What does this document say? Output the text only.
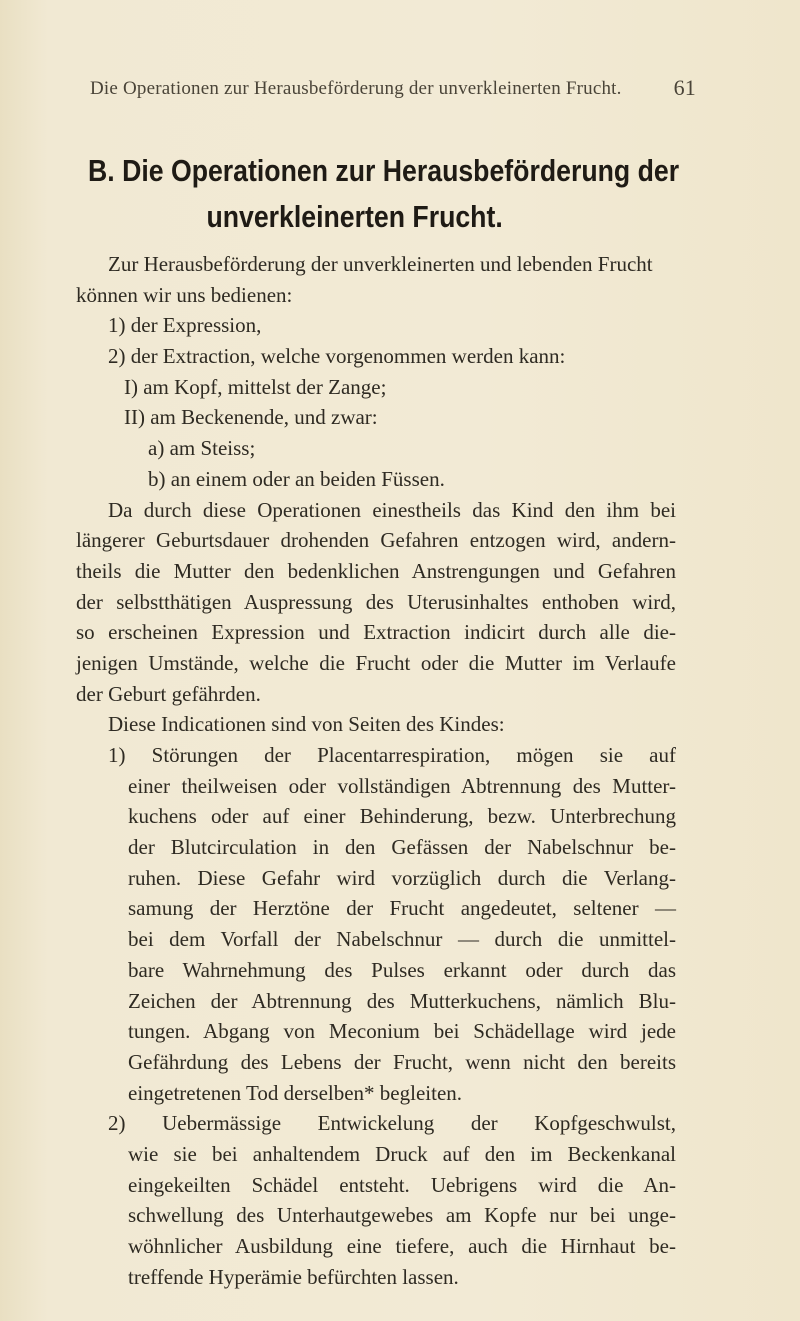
Die Operationen zur Herausbeförderung der unverkleinerten Frucht. 61
B. Die Operationen zur Herausbeförderung der
unverkleinerten Frucht.
Zur Herausbeförderung der unverkleinerten und lebenden Frucht
können wir uns bedienen:
1) der Expression,
2) der Extraction, welche vorgenommen werden kann:
I) am Kopf, mittelst der Zange;
II) am Beckenende, und zwar:
a) am Steiss;
b) an einem oder an beiden Füssen.
Da durch diese Operationen einestheils das Kind den ihm bei
längerer Geburtsdauer drohenden Gefahren entzogen wird, andern-
theils die Mutter den bedenklichen Anstrengungen und Gefahren
der selbstthätigen Auspressung des Uterusinhaltes enthoben wird,
so erscheinen Expression und Extraction indicirt durch alle die-
jenigen Umstände, welche die Frucht oder die Mutter im Verlaufe
der Geburt gefährden.
Diese Indicationen sind von Seiten des Kindes:
1) Störungen der Placentarrespiration, mögen sie auf
einer theilweisen oder vollständigen Abtrennung des Mutter-
kuchens oder auf einer Behinderung, bezw. Unterbrechung
der Blutcirculation in den Gefässen der Nabelschnur be-
ruhen. Diese Gefahr wird vorzüglich durch die Verlang-
samung der Herztöne der Frucht angedeutet, seltener —
bei dem Vorfall der Nabelschnur — durch die unmittel-
bare Wahrnehmung des Pulses erkannt oder durch das
Zeichen der Abtrennung des Mutterkuchens, nämlich Blu-
tungen. Abgang von Meconium bei Schädellage wird jede
Gefährdung des Lebens der Frucht, wenn nicht den bereits
eingetretenen Tod derselben* begleiten.
2) Uebermässige Entwickelung der Kopfgeschwulst,
wie sie bei anhaltendem Druck auf den im Beckenkanal
eingekeilten Schädel entsteht. Uebrigens wird die An-
schwellung des Unterhautgewebes am Kopfe nur bei unge-
wöhnlicher Ausbildung eine tiefere, auch die Hirnhaut be-
treffende Hyperämie befürchten lassen.
